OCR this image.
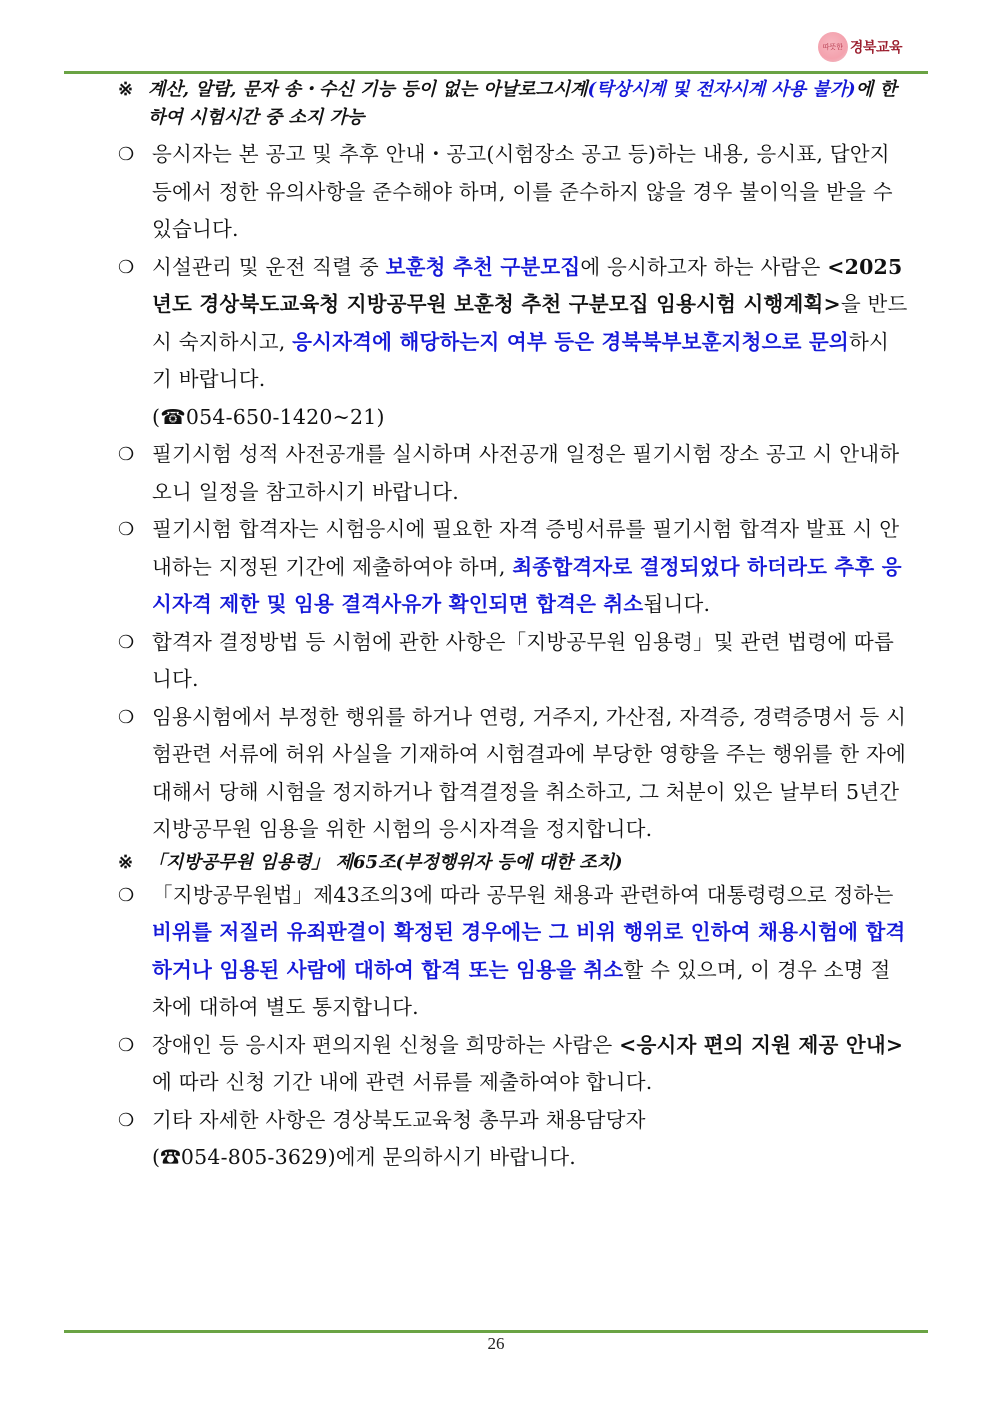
따뜻한 경북교육
※ 계산, 알람, 문자 송・수신 기능 등이 없는 아날로그시계(탁상시계 및 전자시계 사용 불가)에 한하여 시험시간 중 소지 가능
❍ 응시자는 본 공고 및 추후 안내・공고(시험장소 공고 등)하는 내용, 응시표, 답안지 등에서 정한 유의사항을 준수해야 하며, 이를 준수하지 않을 경우 불이익을 받을 수 있습니다.
❍ 시설관리 및 운전 직렬 중 보훈청 추천 구분모집에 응시하고자 하는 사람은 <2025년도 경상북도교육청 지방공무원 보훈청 추천 구분모집 임용시험 시행계획>을 반드시 숙지하시고, 응시자격에 해당하는지 여부 등은 경북북부보훈지청으로 문의하시기 바랍니다.
(☎054-650-1420~21)
❍ 필기시험 성적 사전공개를 실시하며 사전공개 일정은 필기시험 장소 공고 시 안내하오니 일정을 참고하시기 바랍니다.
❍ 필기시험 합격자는 시험응시에 필요한 자격 증빙서류를 필기시험 합격자 발표 시 안내하는 지정된 기간에 제출하여야 하며, 최종합격자로 결정되었다 하더라도 추후 응시자격 제한 및 임용 결격사유가 확인되면 합격은 취소됩니다.
❍ 합격자 결정방법 등 시험에 관한 사항은「지방공무원 임용령」및 관련 법령에 따릅니다.
❍ 임용시험에서 부정한 행위를 하거나 연령, 거주지, 가산점, 자격증, 경력증명서 등 시험관련 서류에 허위 사실을 기재하여 시험결과에 부당한 영향을 주는 행위를 한 자에 대해서 당해 시험을 정지하거나 합격결정을 취소하고, 그 처분이 있은 날부터 5년간 지방공무원 임용을 위한 시험의 응시자격을 정지합니다.
※ 「지방공무원 임용령」 제65조(부정행위자 등에 대한 조치)
❍ 「지방공무원법」제43조의3에 따라 공무원 채용과 관련하여 대통령령으로 정하는 비위를 저질러 유죄판결이 확정된 경우에는 그 비위 행위로 인하여 채용시험에 합격하거나 임용된 사람에 대하여 합격 또는 임용을 취소할 수 있으며, 이 경우 소명 절차에 대하여 별도 통지합니다.
❍ 장애인 등 응시자 편의지원 신청을 희망하는 사람은 <응시자 편의 지원 제공 안내>에 따라 신청 기간 내에 관련 서류를 제출하여야 합니다.
❍ 기타 자세한 사항은 경상북도교육청 총무과 채용담당자
(☎054-805-3629)에게 문의하시기 바랍니다.
26
